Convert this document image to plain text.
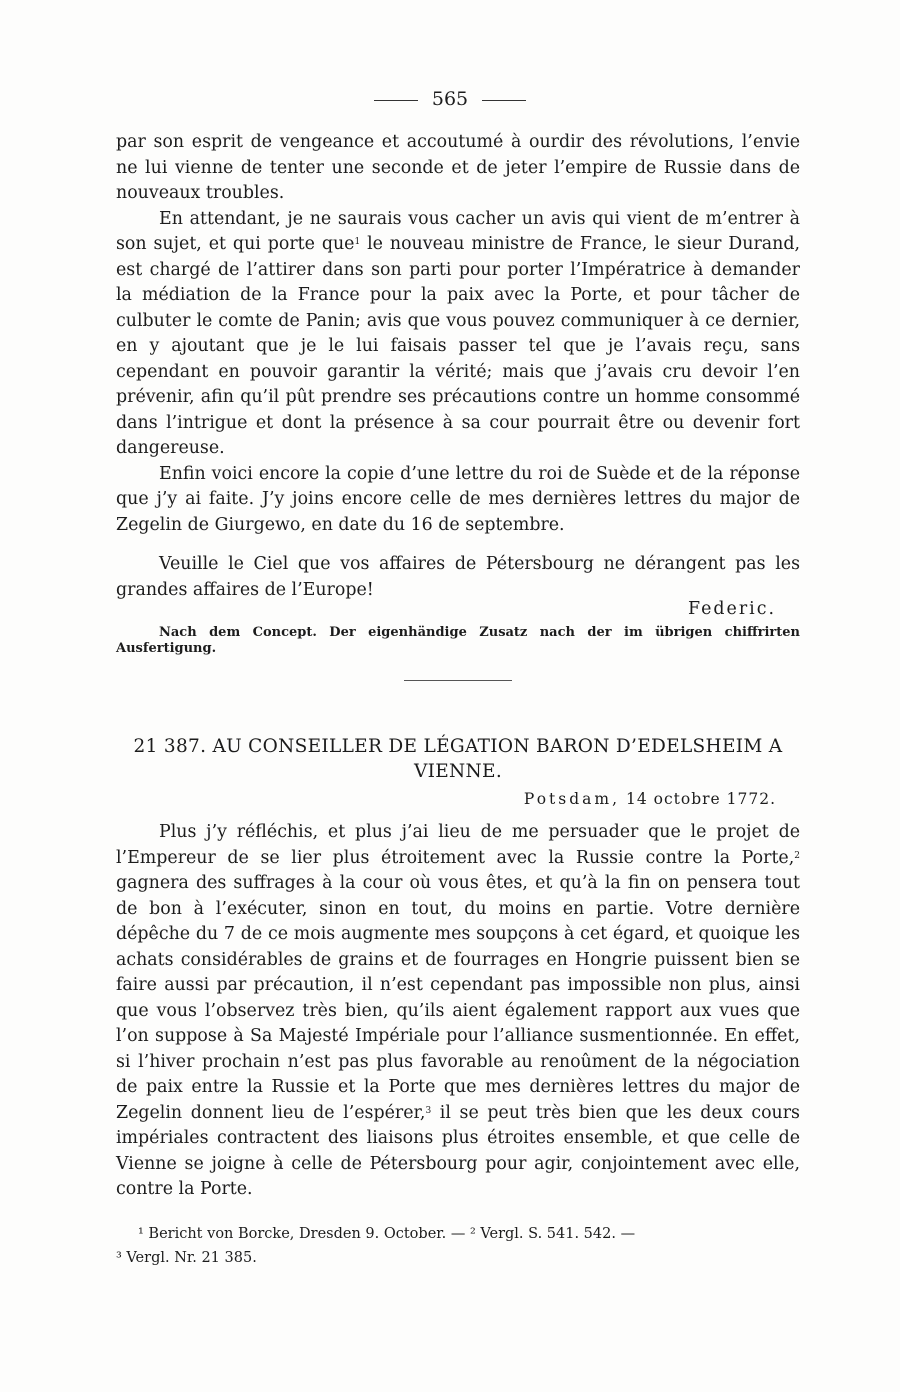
565

par son esprit de vengeance et accoutumé à ourdir des révolutions, l’envie ne lui vienne de tenter une seconde et de jeter l’empire de Russie dans de nouveaux troubles.

En attendant, je ne saurais vous cacher un avis qui vient de m’entrer à son sujet, et qui porte que$^1$ le nouveau ministre de France, le sieur Durand, est chargé de l’attirer dans son parti pour porter l’Impératrice à demander la médiation de la France pour la paix avec la Porte, et pour tâcher de culbuter le comte de Panin; avis que vous pouvez communiquer à ce dernier, en y ajoutant que je le lui faisais passer tel que je l’avais reçu, sans cependant en pouvoir garantir la vérité; mais que j’avais cru devoir l’en prévenir, afin qu’il pût prendre ses précautions contre un homme consommé dans l’intrigue et dont la présence à sa cour pourrait être ou devenir fort dangereuse.

Enfin voici encore la copie d’une lettre du roi de Suède et de la réponse que j’y ai faite. J’y joins encore celle de mes dernières lettres du major de Zegelin de Giurgewo, en date du 16 de septembre.

Veuille le Ciel que vos affaires de Pétersbourg ne dérangent pas les grandes affaires de l’Europe!

Federic.

Nach dem Concept. Der eigenhändige Zusatz nach der im übrigen chiffrirten Ausfertigung.

21 387. AU CONSEILLER DE LÉGATION BARON D’EDELSHEIM A VIENNE.
Potsdam, 14 octobre 1772.

Plus j’y réfléchis, et plus j’ai lieu de me persuader que le projet de l’Empereur de se lier plus étroitement avec la Russie contre la Porte,$^2$ gagnera des suffrages à la cour où vous êtes, et qu’à la fin on pensera tout de bon à l’exécuter, sinon en tout, du moins en partie. Votre dernière dépêche du 7 de ce mois augmente mes soupçons à cet égard, et quoique les achats considérables de grains et de fourrages en Hongrie puissent bien se faire aussi par précaution, il n’est cependant pas impossible non plus, ainsi que vous l’observez très bien, qu’ils aient également rapport aux vues que l’on suppose à Sa Majesté Impériale pour l’alliance susmentionnée. En effet, si l’hiver prochain n’est pas plus favorable au renoûment de la négociation de paix entre la Russie et la Porte que mes dernières lettres du major de Zegelin donnent lieu de l’espérer,$^3$ il se peut très bien que les deux cours impériales contractent des liaisons plus étroites ensemble, et que celle de Vienne se joigne à celle de Pétersbourg pour agir, conjointement avec elle, contre la Porte.

¹ Bericht von Borcke, Dresden 9. October. — ² Vergl. S. 541. 542. —

³ Vergl. Nr. 21 385.
